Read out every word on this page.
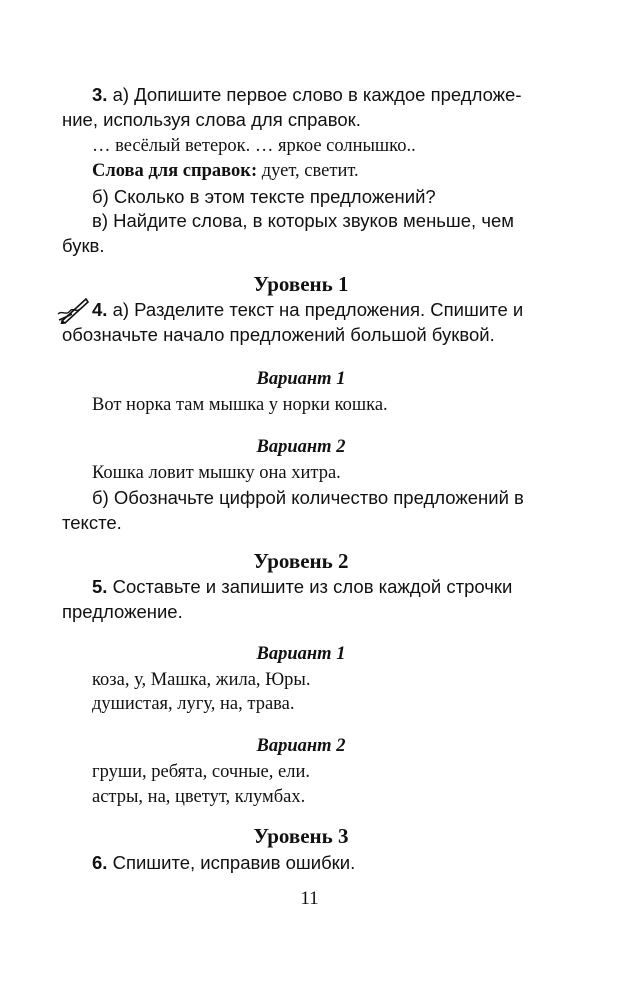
3. а) Допишите первое слово в каждое предложе-
ние, используя слова для справок.
… весёлый ветерок. … яркое солнышко..
Слова для справок: дует, светит.
б) Сколько в этом тексте предложений?
в) Найдите слова, в которых звуков меньше, чем
букв.
Уровень 1
4. а) Разделите текст на предложения. Спишите и
обозначьте начало предложений большой буквой.
Вариант 1
Вот норка там мышка у норки кошка.
Вариант 2
Кошка ловит мышку она хитра.
б) Обозначьте цифрой количество предложений в
тексте.
Уровень 2
5. Составьте и запишите из слов каждой строчки
предложение.
Вариант 1
коза, у, Машка, жила, Юры.
душистая, лугу, на, трава.
Вариант 2
груши, ребята, сочные, ели.
астры, на, цветут, клумбах.
Уровень 3
6. Спишите, исправив ошибки.
11
